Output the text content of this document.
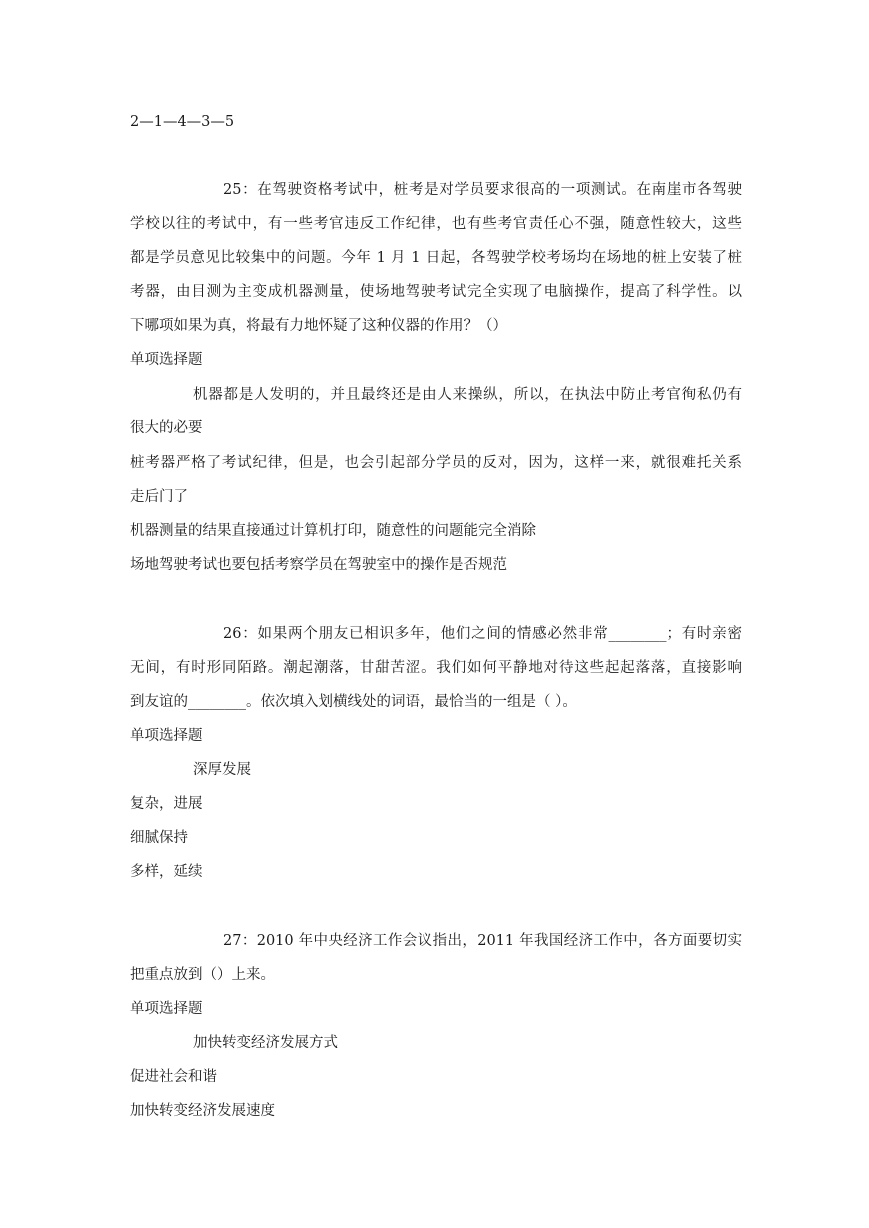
2—1—4—3—5
25：在驾驶资格考试中，桩考是对学员要求很高的一项测试。在南崖市各驾驶
学校以往的考试中，有一些考官违反工作纪律，也有些考官责任心不强，随意性较大，这些
都是学员意见比较集中的问题。今年 1 月 1 日起，各驾驶学校考场均在场地的桩上安装了桩
考器，由目测为主变成机器测量，使场地驾驶考试完全实现了电脑操作，提高了科学性。以
下哪项如果为真，将最有力地怀疑了这种仪器的作用？（）
单项选择题
机器都是人发明的，并且最终还是由人来操纵，所以，在执法中防止考官徇私仍有
很大的必要
桩考器严格了考试纪律，但是，也会引起部分学员的反对，因为，这样一来，就很难托关系
走后门了
机器测量的结果直接通过计算机打印，随意性的问题能完全消除
场地驾驶考试也要包括考察学员在驾驶室中的操作是否规范
26：如果两个朋友已相识多年，他们之间的情感必然非常________；有时亲密
无间，有时形同陌路。潮起潮落，甘甜苦涩。我们如何平静地对待这些起起落落，直接影响
到友谊的________。依次填入划横线处的词语，最恰当的一组是（ ）。
单项选择题
深厚发展
复杂，进展
细腻保持
多样，延续
27：2010 年中央经济工作会议指出，2011 年我国经济工作中，各方面要切实
把重点放到（）上来。
单项选择题
加快转变经济发展方式
促进社会和谐
加快转变经济发展速度
